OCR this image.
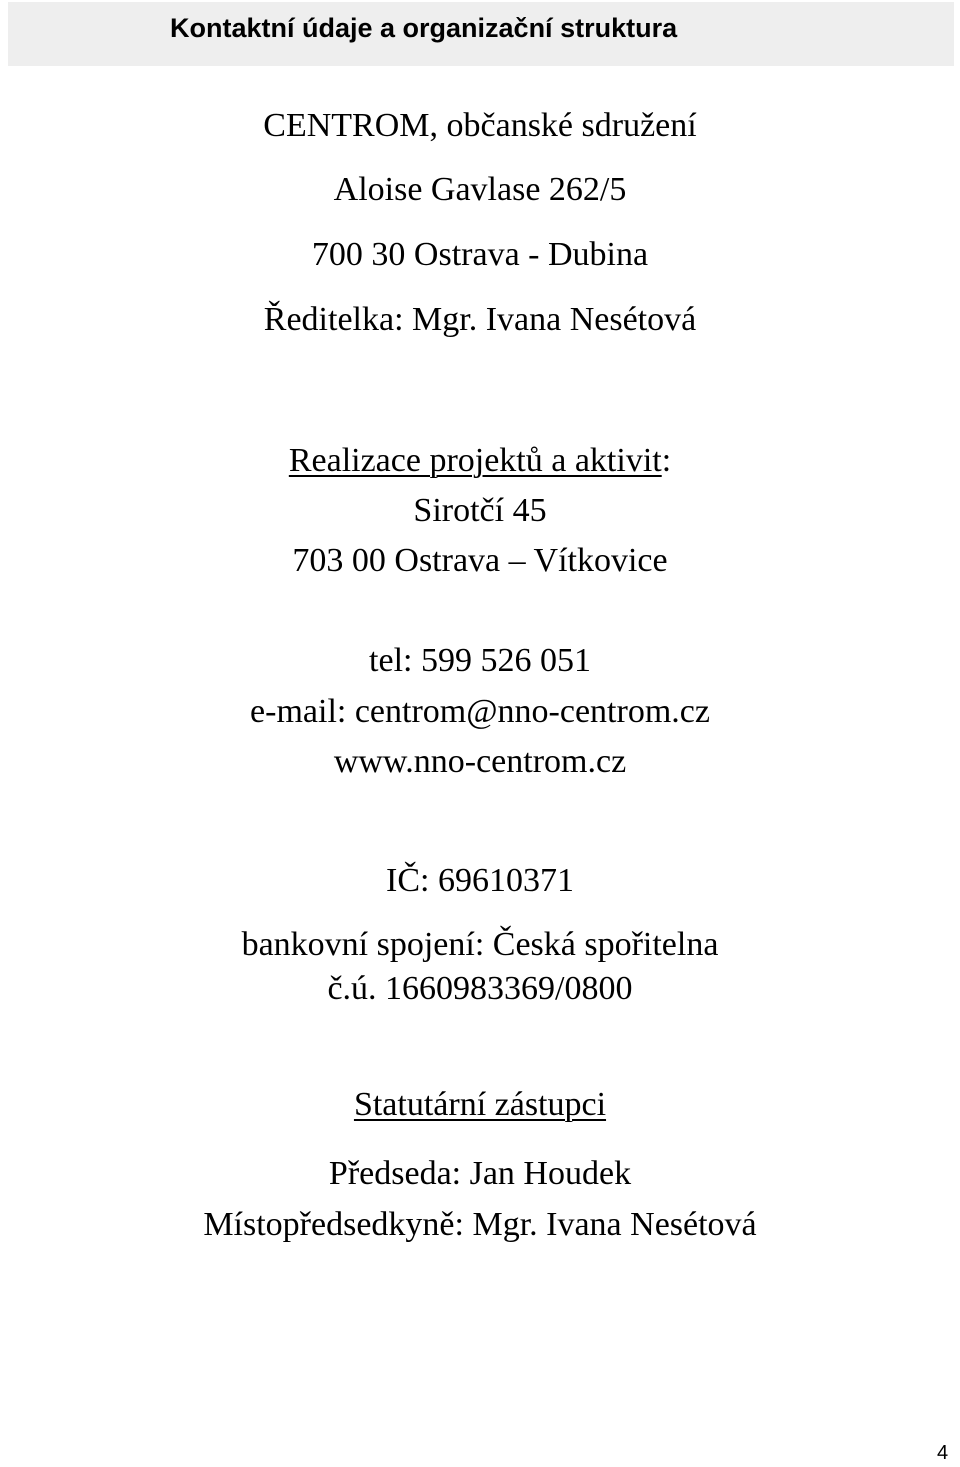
Kontaktní údaje a organizační struktura
CENTROM, občanské sdružení
Aloise Gavlase 262/5
700 30 Ostrava - Dubina
Ředitelka: Mgr. Ivana Nesétová
Realizace projektů a aktivit:
Sirotčí 45
703 00 Ostrava – Vítkovice
tel: 599 526 051
e-mail: centrom@nno-centrom.cz
www.nno-centrom.cz
IČ: 69610371
bankovní spojení: Česká spořitelna
č.ú. 1660983369/0800
Statutární zástupci
Předseda: Jan Houdek
Místopředsedkyně: Mgr. Ivana Nesétová
4
